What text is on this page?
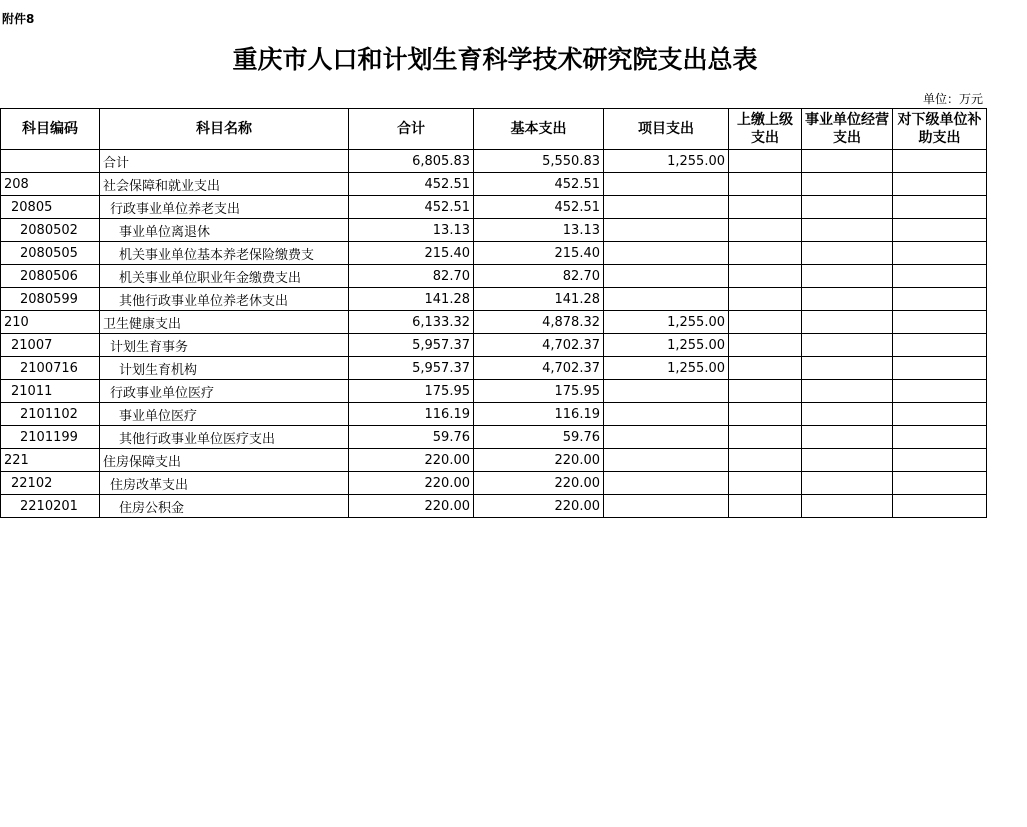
附件8
重庆市人口和计划生育科学技术研究院支出总表
单位：万元
科目编码	科目名称	合计	基本支出	项目支出	上缴上级支出	事业单位经营支出	对下级单位补助支出
	合计	6,805.83	5,550.83	1,255.00			
208	社会保障和就业支出	452.51	452.51				
20805	行政事业单位养老支出	452.51	452.51				
2080502	事业单位离退休	13.13	13.13				
2080505	机关事业单位基本养老保险缴费支	215.40	215.40				
2080506	机关事业单位职业年金缴费支出	82.70	82.70				
2080599	其他行政事业单位养老休支出	141.28	141.28				
210	卫生健康支出	6,133.32	4,878.32	1,255.00			
21007	计划生育事务	5,957.37	4,702.37	1,255.00			
2100716	计划生育机构	5,957.37	4,702.37	1,255.00			
21011	行政事业单位医疗	175.95	175.95				
2101102	事业单位医疗	116.19	116.19				
2101199	其他行政事业单位医疗支出	59.76	59.76				
221	住房保障支出	220.00	220.00				
22102	住房改革支出	220.00	220.00				
2210201	住房公积金	220.00	220.00				
